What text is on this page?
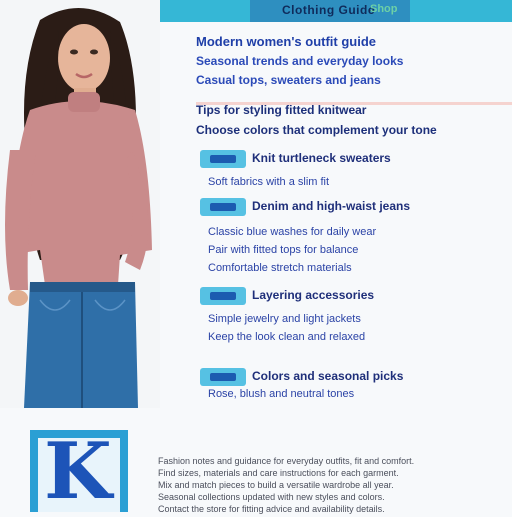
Clothing Guide
Shop
Modern women's outfit guide
Seasonal trends and everyday looks
Casual tops, sweaters and jeans
Tips for styling fitted knitwear
Choose colors that complement your tone
Knit turtleneck sweaters
Soft fabrics with a slim fit
Denim and high-waist jeans
Classic blue washes for daily wear
Pair with fitted tops for balance
Comfortable stretch materials
Layering accessories
Simple jewelry and light jackets
Keep the look clean and relaxed
Colors and seasonal picks
Rose, blush and neutral tones
K	Fashion notes and guidance for everyday outfits, fit and comfort.
Find sizes, materials and care instructions for each garment.
Mix and match pieces to build a versatile wardrobe all year.
Seasonal collections updated with new styles and colors.
Contact the store for fitting advice and availability details.
